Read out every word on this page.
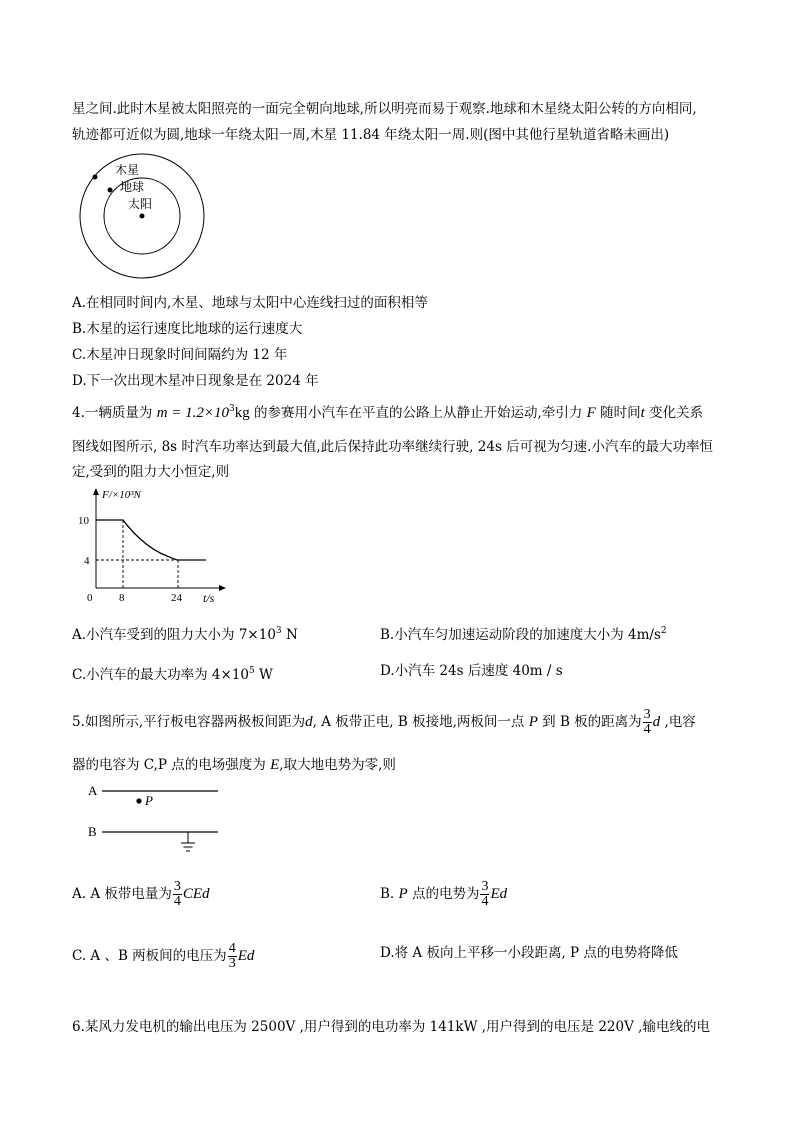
星之间.此时木星被太阳照亮的一面完全朝向地球,所以明亮而易于观察.地球和木星绕太阳公转的方向相同,
轨迹都可近似为圆,地球一年绕太阳一周,木星 11.84 年绕太阳一周.则(图中其他行星轨道省略未画出)
木星
地球
太阳
A.在相同时间内,木星、地球与太阳中心连线扫过的面积相等
B.木星的运行速度比地球的运行速度大
C.木星冲日现象时间间隔约为 12 年
D.下一次出现木星冲日现象是在 2024 年
4.一辆质量为 $m = 1.2\times 10^3kg$ 的参赛用小汽车在平直的公路上从静止开始运动,牵引力 F 随时间t 变化关系
图线如图所示, 8s 时汽车功率达到最大值,此后保持此功率继续行驶, 24s 后可视为匀速.小汽车的最大功率恒
定,受到的阻力大小恒定,则
F/×10³N
10
4
0 8	24 t/s
A.小汽车受到的阻力大小为 $7\times 10^3$ N	B.小汽车匀加速运动阶段的加速度大小为 $4m/s^2$
C.小汽车的最大功率为 $4\times 10^5$ W	D.小汽车 24s 后速度 40m / s
5.如图所示,平行板电容器两极板间距为d, A 板带正电, B 板接地,两板间一点 P 到 B 板的距离为 $\frac{3}{4}$ d ,电容
器的电容为 C,P 点的电场强度为 E,取大地电势为零,则
A
P
B
A. A 板带电量为 $\frac{3}{4}$ CEd	B. P 点的电势为 $\frac{3}{4}$ Ed
C. A 、B 两板间的电压为 $\frac{4}{3}$ Ed	D.将 A 板向上平移一小段距离, P 点的电势将降低
6.某风力发电机的输出电压为 2500V ,用户得到的电功率为 141kW ,用户得到的电压是 220V ,输电线的电
